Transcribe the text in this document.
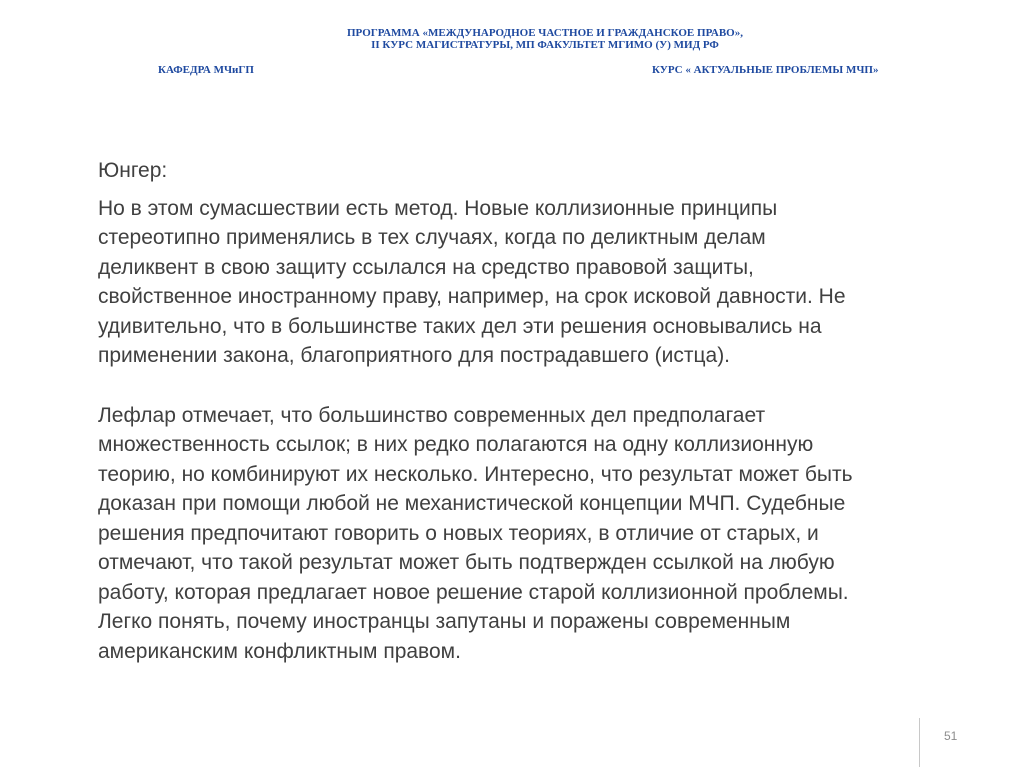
ПРОГРАММА «МЕЖДУНАРОДНОЕ ЧАСТНОЕ И ГРАЖДАНСКОЕ ПРАВО»,
II КУРС МАГИСТРАТУРЫ, МП ФАКУЛЬТЕТ МГИМО (У) МИД РФ
КАФЕДРА МЧиГП	КУРС « АКТУАЛЬНЫЕ ПРОБЛЕМЫ МЧП»

Юнгер:

Но в этом сумасшествии есть метод. Новые коллизионные принципы
стереотипно применялись в тех случаях, когда по деликтным делам
деликвент в свою защиту ссылался на средство правовой защиты,
свойственное иностранному праву, например, на срок исковой давности. Не
удивительно, что в большинстве таких дел эти решения основывались на
применении закона, благоприятного для пострадавшего (истца).

Лефлар отмечает, что большинство современных дел предполагает
множественность ссылок; в них редко полагаются на одну коллизионную
теорию, но комбинируют их несколько. Интересно, что результат может быть
доказан при помощи любой не механистической концепции МЧП. Судебные
решения предпочитают говорить о новых теориях, в отличие от старых, и
отмечают, что такой результат может быть подтвержден ссылкой на любую
работу, которая предлагает новое решение старой коллизионной проблемы.
Легко понять, почему иностранцы запутаны и поражены современным
американским конфликтным правом.

51
